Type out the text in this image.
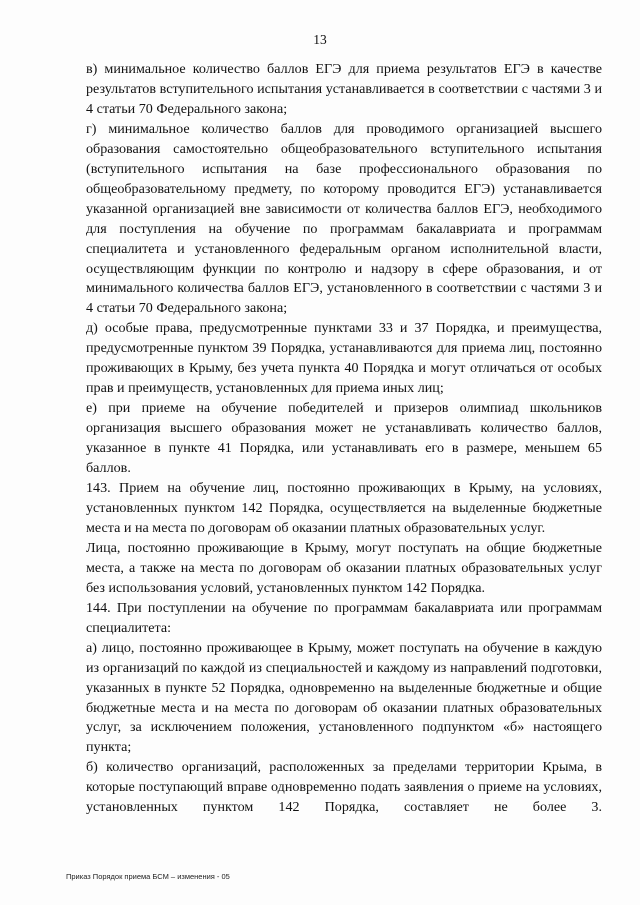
13

в) минимальное количество баллов ЕГЭ для приема результатов ЕГЭ в качестве результатов вступительного испытания устанавливается в соответствии с частями 3 и 4 статьи 70 Федерального закона;

г) минимальное количество баллов для проводимого организацией высшего образования самостоятельно общеобразовательного вступительного испытания (вступительного испытания на базе профессионального образования по общеобразовательному предмету, по которому проводится ЕГЭ) устанавливается указанной организацией вне зависимости от количества баллов ЕГЭ, необходимого для поступления на обучение по программам бакалавриата и программам специалитета и установленного федеральным органом исполнительной власти, осуществляющим функции по контролю и надзору в сфере образования, и от минимального количества баллов ЕГЭ, установленного в соответствии с частями 3 и 4 статьи 70 Федерального закона;

д) особые права, предусмотренные пунктами 33 и 37 Порядка, и преимущества, предусмотренные пунктом 39 Порядка, устанавливаются для приема лиц, постоянно проживающих в Крыму, без учета пункта 40 Порядка и могут отличаться от особых прав и преимуществ, установленных для приема иных лиц;

е) при приеме на обучение победителей и призеров олимпиад школьников организация высшего образования может не устанавливать количество баллов, указанное в пункте 41 Порядка, или устанавливать его в размере, меньшем 65 баллов.

143. Прием на обучение лиц, постоянно проживающих в Крыму, на условиях, установленных пунктом 142 Порядка, осуществляется на выделенные бюджетные места и на места по договорам об оказании платных образовательных услуг.

Лица, постоянно проживающие в Крыму, могут поступать на общие бюджетные места, а также на места по договорам об оказании платных образовательных услуг без использования условий, установленных пунктом 142 Порядка.

144. При поступлении на обучение по программам бакалавриата или программам специалитета:

а) лицо, постоянно проживающее в Крыму, может поступать на обучение в каждую из организаций по каждой из специальностей и каждому из направлений подготовки, указанных в пункте 52 Порядка, одновременно на выделенные бюджетные и общие бюджетные места и на места по договорам об оказании платных образовательных услуг, за исключением положения, установленного подпунктом «б» настоящего пункта;

б) количество организаций, расположенных за пределами территории Крыма, в которые поступающий вправе одновременно подать заявления о приеме на условиях, установленных пунктом 142 Порядка, составляет не более 3.

Приказ Порядок приема БСМ – изменения - 05
